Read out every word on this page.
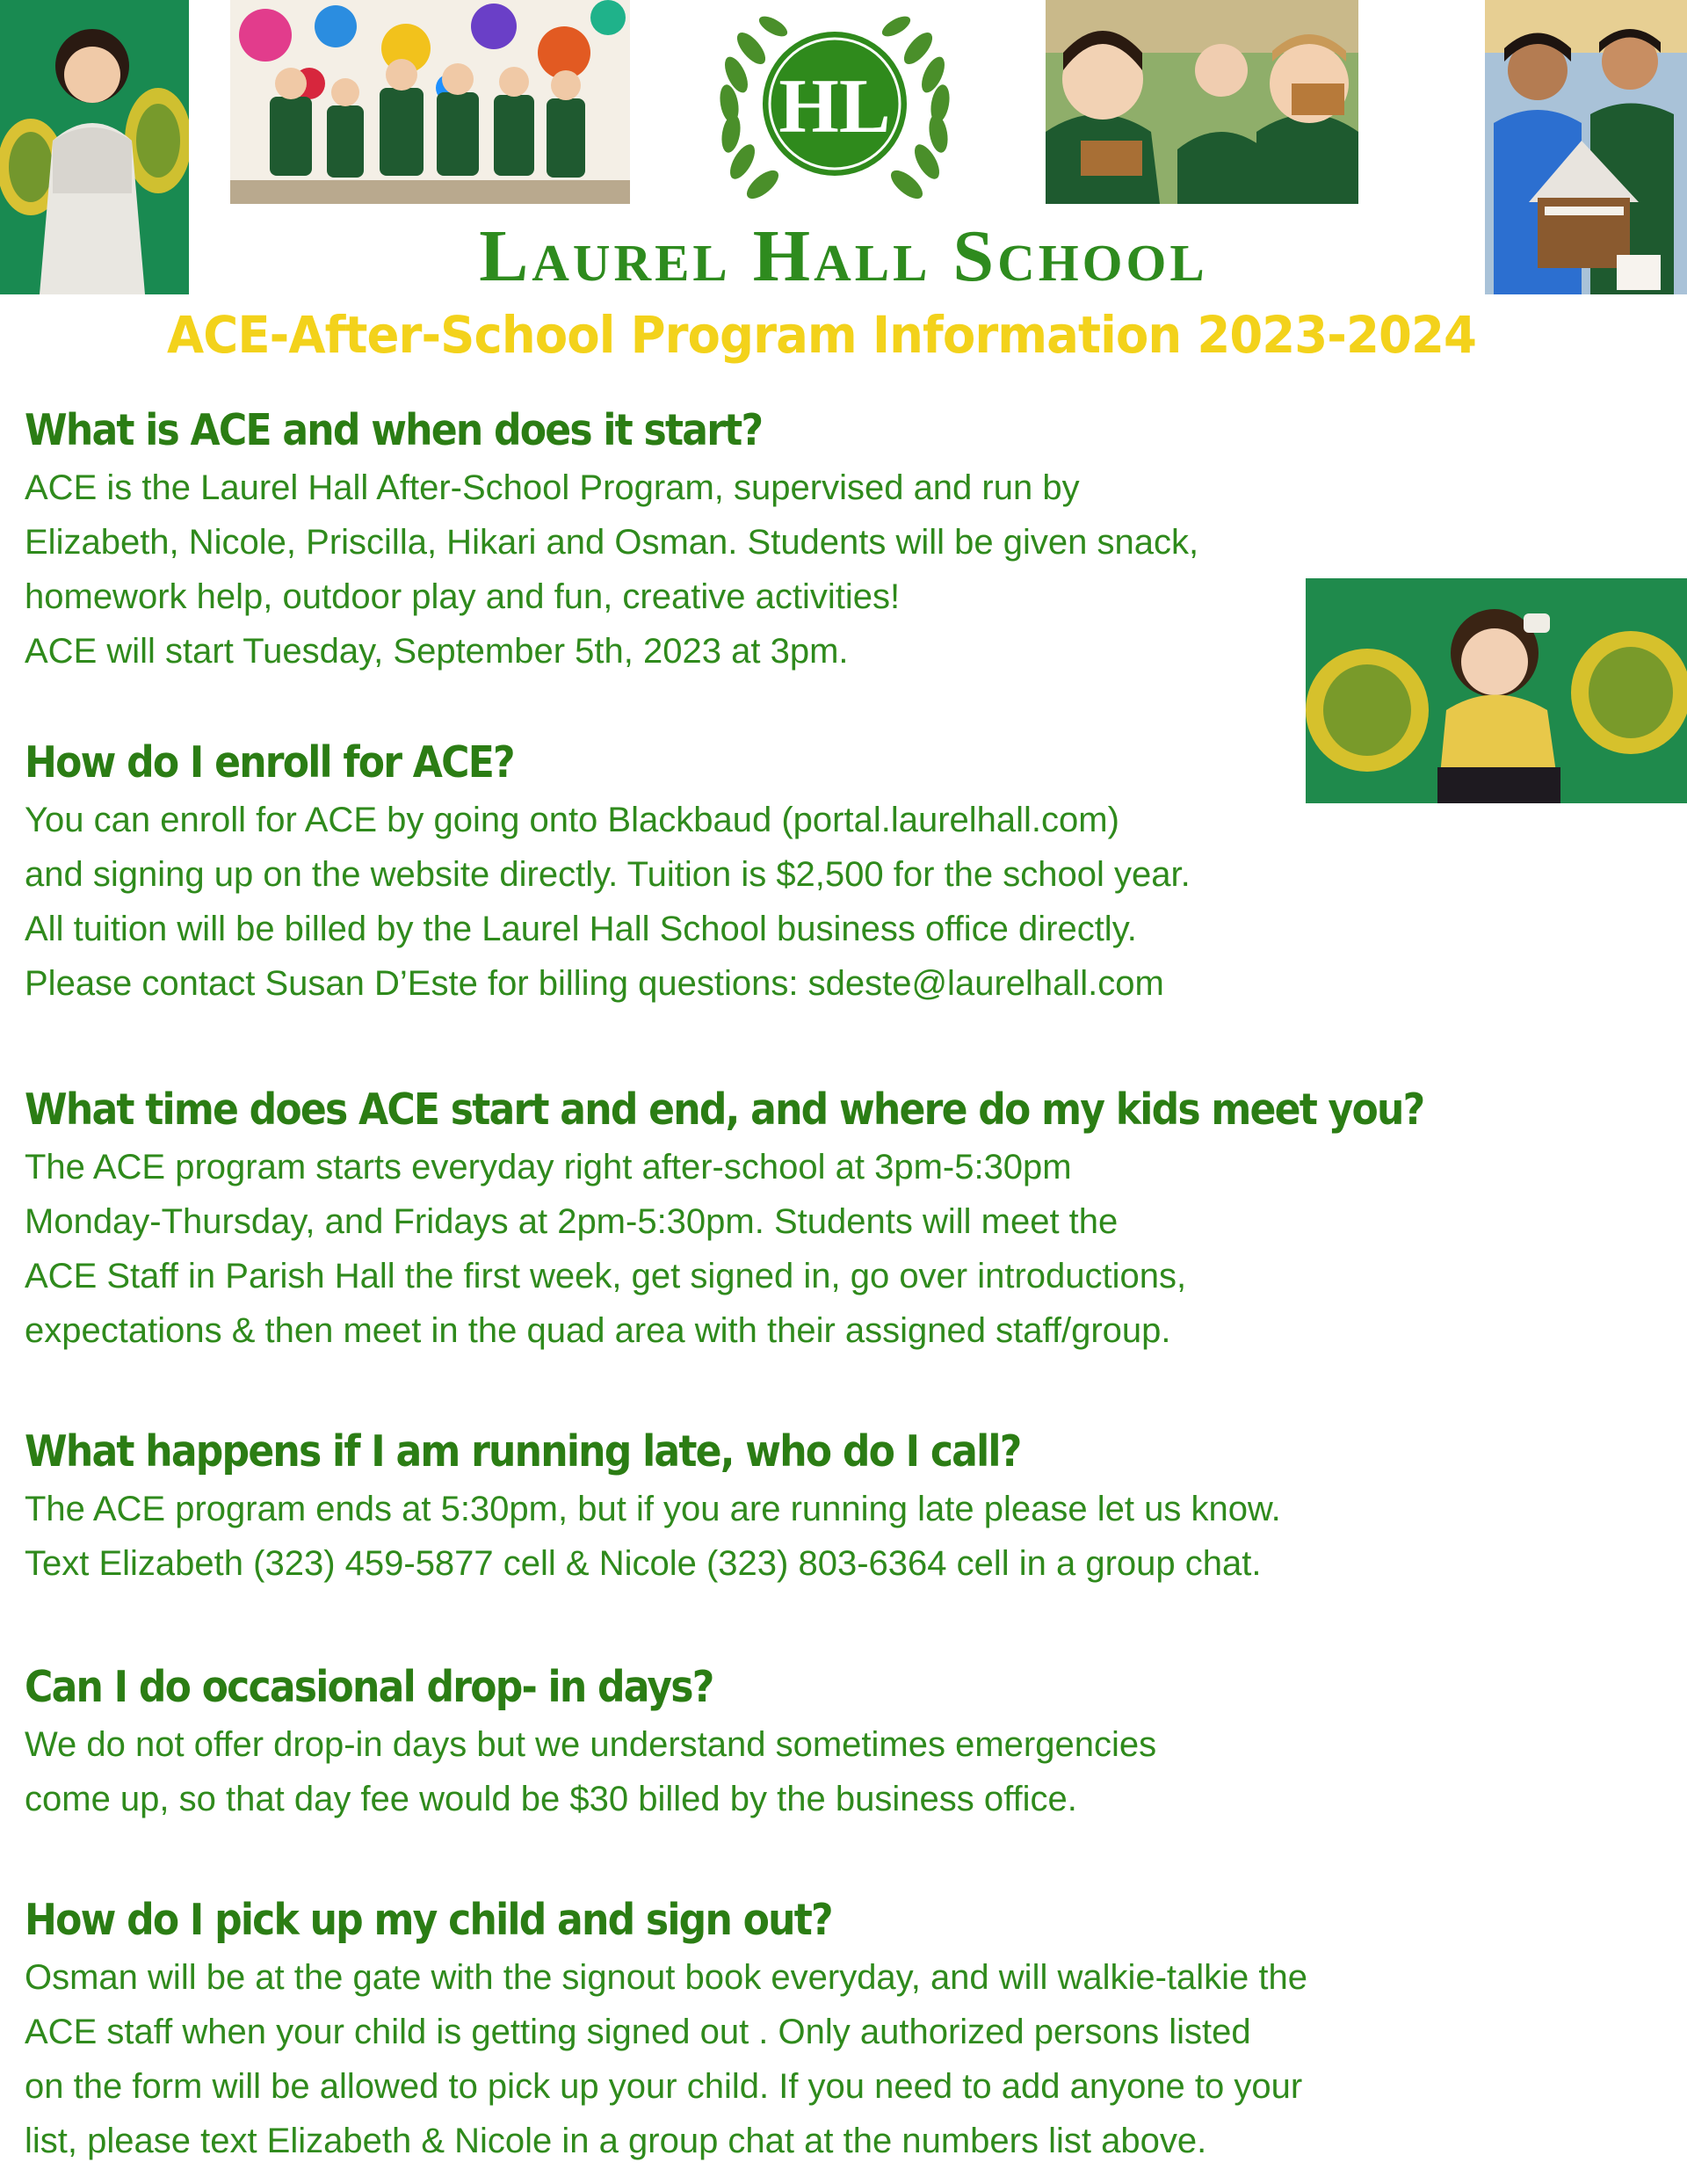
HL
Laurel Hall School
ACE-After-School Program Information 2023-2024
What is ACE and when does it start?
ACE is the Laurel Hall After-School Program, supervised and run by
Elizabeth, Nicole, Priscilla, Hikari and Osman. Students will be given snack,
homework help, outdoor play and fun, creative activities!
ACE will start Tuesday, September 5th, 2023 at 3pm.
How do I enroll for ACE?
You can enroll for ACE by going onto Blackbaud (portal.laurelhall.com)
and signing up on the website directly. Tuition is $2,500 for the school year.
All tuition will be billed by the Laurel Hall School business office directly.
Please contact Susan D’Este for billing questions: sdeste@laurelhall.com
What time does ACE start and end, and where do my kids meet you?
The ACE program starts everyday right after-school at 3pm-5:30pm
Monday-Thursday, and Fridays at 2pm-5:30pm. Students will meet the
ACE Staff in Parish Hall the first week, get signed in, go over introductions,
expectations & then meet in the quad area with their assigned staff/group.
What happens if I am running late, who do I call?
The ACE program ends at 5:30pm, but if you are running late please let us know.
Text Elizabeth (323) 459-5877 cell & Nicole (323) 803-6364 cell in a group chat.
Can I do occasional drop- in days?
We do not offer drop-in days but we understand sometimes emergencies
come up, so that day fee would be $30 billed by the business office.
How do I pick up my child and sign out?
Osman will be at the gate with the signout book everyday, and will walkie-talkie the
ACE staff when your child is getting signed out . Only authorized persons listed
on the form will be allowed to pick up your child. If you need to add anyone to your
list, please text Elizabeth & Nicole in a group chat at the numbers list above.
